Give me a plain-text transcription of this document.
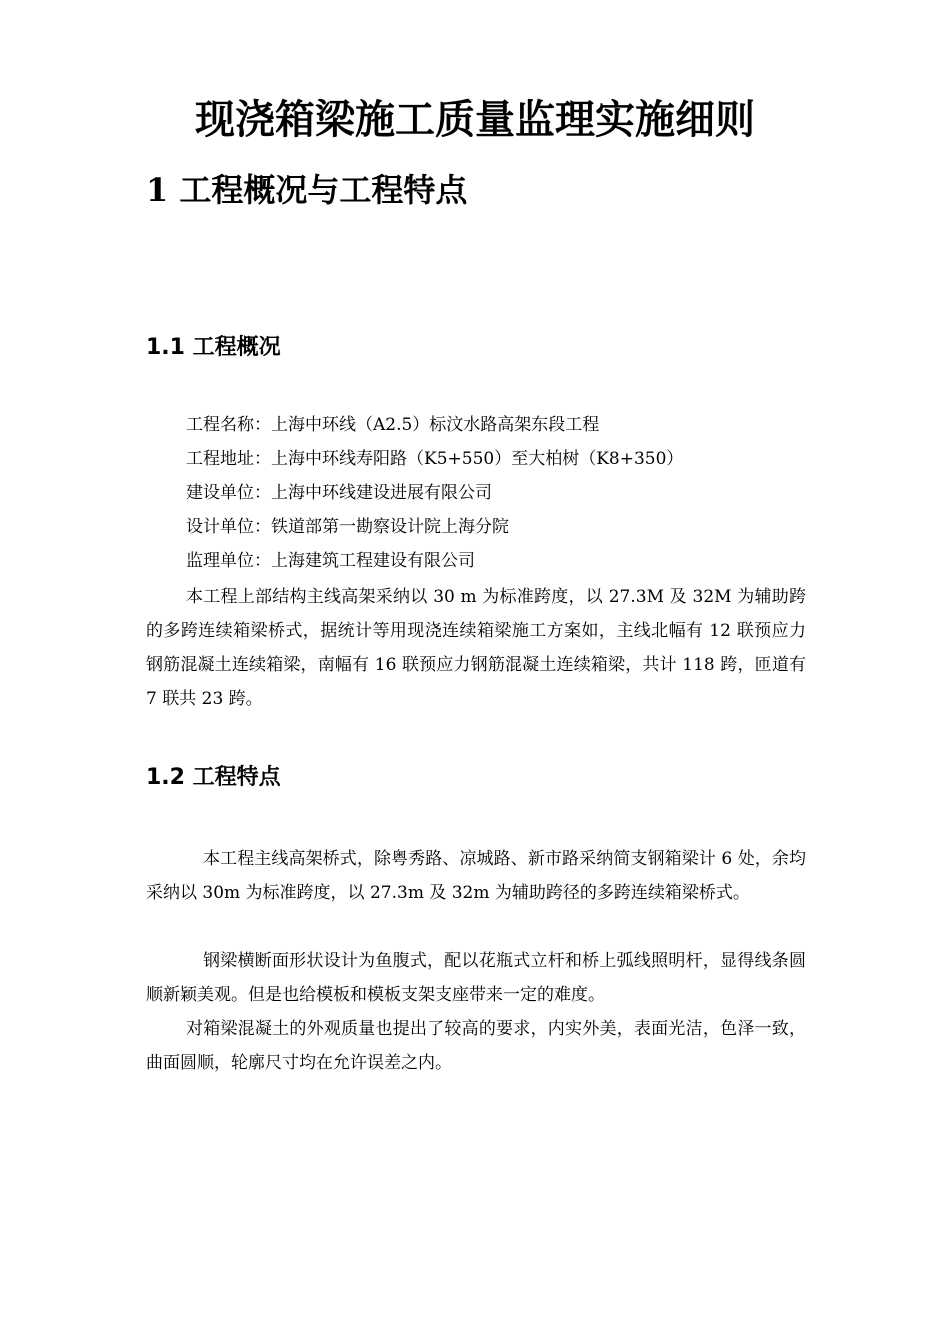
现浇箱梁施工质量监理实施细则
1 工程概况与工程特点
1.1 工程概况
工程名称：上海中环线（A2.5）标汶水路高架东段工程
工程地址：上海中环线寿阳路（K5+550）至大柏树（K8+350）
建设单位：上海中环线建设进展有限公司
设计单位：铁道部第一勘察设计院上海分院
监理单位：上海建筑工程建设有限公司

本工程上部结构主线高架采纳以 30 m 为标准跨度，以 27.3M 及 32M 为辅助跨的多跨连续箱梁桥式，据统计等用现浇连续箱梁施工方案如，主线北幅有 12 联预应力钢筋混凝土连续箱梁，南幅有 16 联预应力钢筋混凝土连续箱梁，共计 118 跨，匝道有 7 联共 23 跨。

1.2 工程特点

本工程主线高架桥式，除粤秀路、凉城路、新市路采纳简支钢箱梁计 6 处，余均采纳以 30m 为标准跨度，以 27.3m 及 32m 为辅助跨径的多跨连续箱梁桥式。

钢梁横断面形状设计为鱼腹式，配以花瓶式立杆和桥上弧线照明杆，显得线条圆顺新颖美观。但是也给模板和模板支架支座带来一定的难度。

对箱梁混凝土的外观质量也提出了较高的要求，内实外美，表面光洁，色泽一致，曲面圆顺，轮廓尺寸均在允许误差之内。
